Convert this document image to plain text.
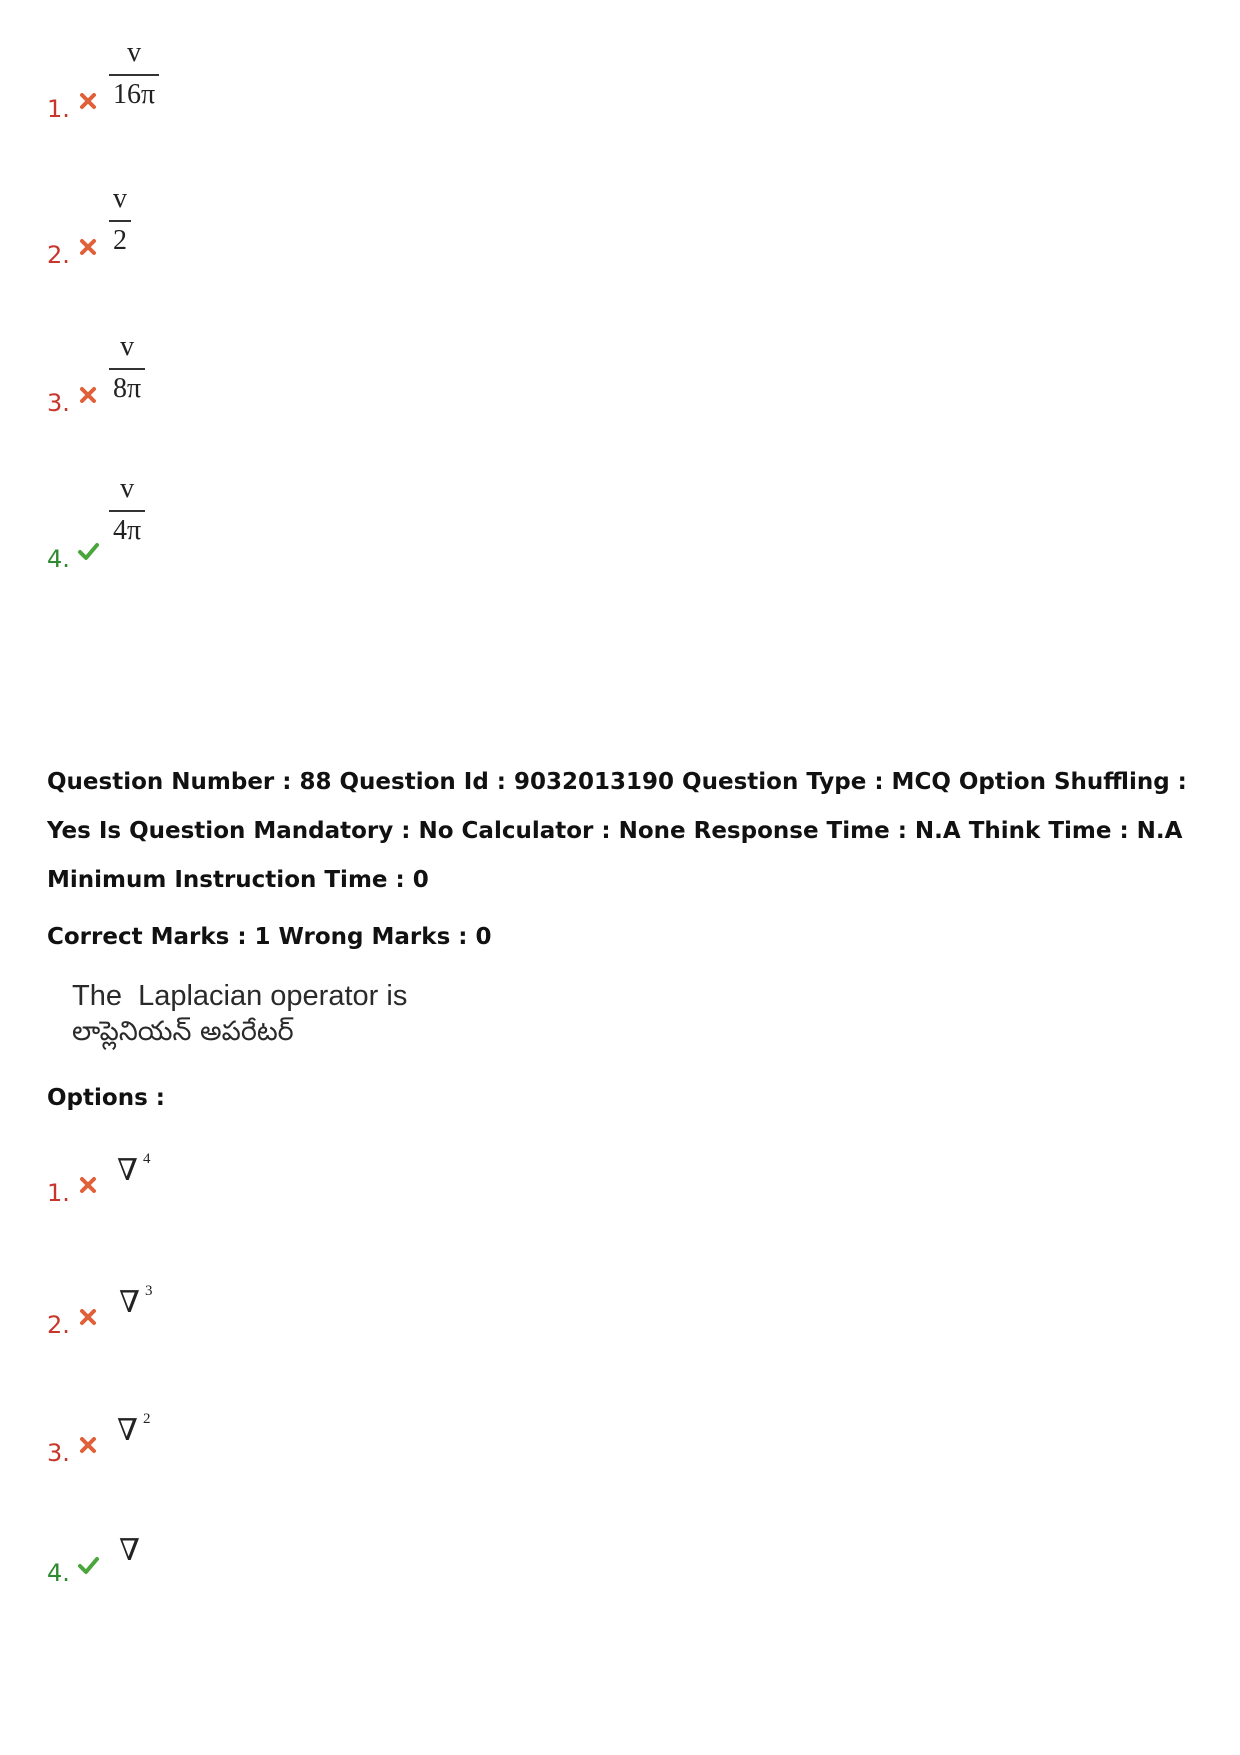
1. $\frac{v}{16\pi}$
2. $\frac{v}{2}$
3. $\frac{v}{8\pi}$
4.
$\frac{v}{4\pi}$
Question Number : 88 Question Id : 9032013190 Question Type : MCQ Option Shuffling : Yes Is Question Mandatory : No Calculator : None Response Time : N.A Think Time : N.A Minimum Instruction Time : 0
Correct Marks : 1 Wrong Marks : 0
The  Laplacian operator is
లాప్లెనియన్ అపరేటర్
Options :
1.
∇ $^4$
2.
∇ $^3$
3.
∇ $^2$
4.
∇
